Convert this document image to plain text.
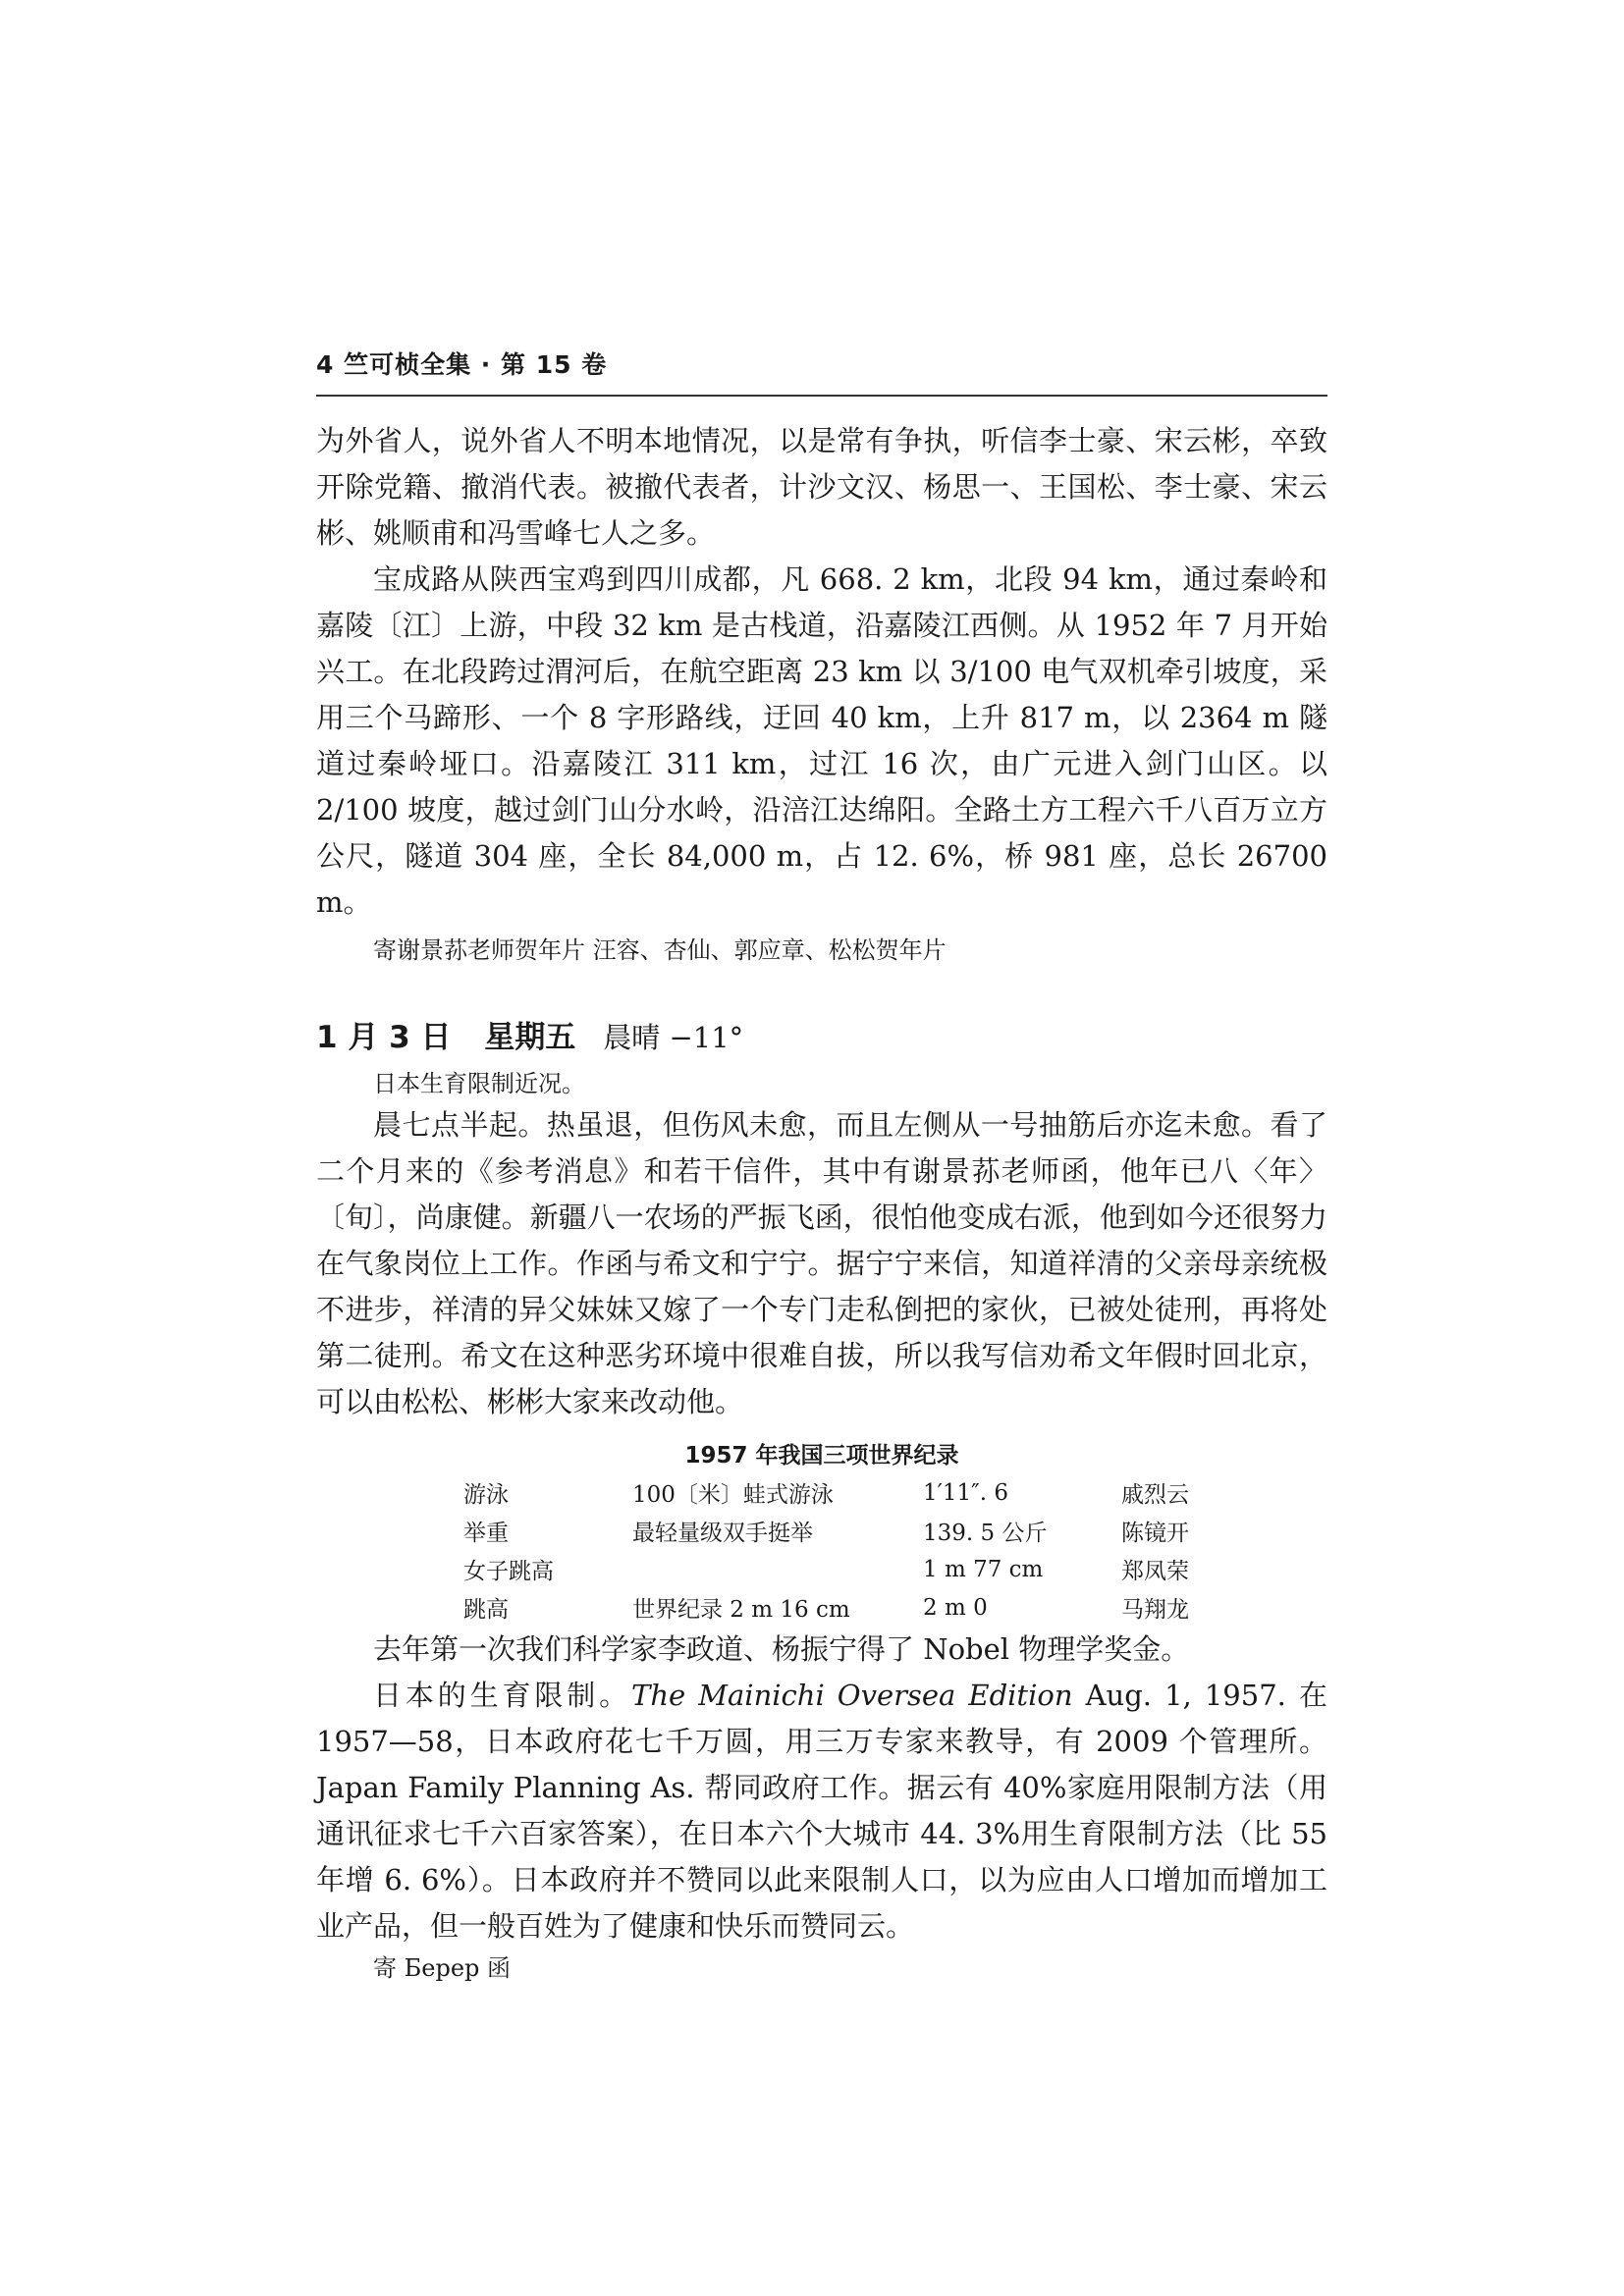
4 竺可桢全集 · 第 15 卷

为外省人，说外省人不明本地情况，以是常有争执，听信李士豪、宋云彬，卒致开除党籍、撤消代表。被撤代表者，计沙文汉、杨思一、王国松、李士豪、宋云彬、姚顺甫和冯雪峰七人之多。

宝成路从陕西宝鸡到四川成都，凡 668. 2 km，北段 94 km，通过秦岭和嘉陵〔江〕上游，中段 32 km 是古栈道，沿嘉陵江西侧。从 1952 年 7 月开始兴工。在北段跨过渭河后，在航空距离 23 km 以 3/100 电气双机牵引坡度，采用三个马蹄形、一个 8 字形路线，迂回 40 km，上升 817 m，以 2364 m 隧道过秦岭垭口。沿嘉陵江 311 km，过江 16 次，由广元进入剑门山区。以 2/100 坡度，越过剑门山分水岭，沿涪江达绵阳。全路土方工程六千八百万立方公尺，隧道 304 座，全长 84,000 m，占 12. 6%，桥 981 座，总长 26700 m。

寄谢景荪老师贺年片 汪容、杏仙、郭应章、松松贺年片

1 月 3 日 星期五 晨晴 −11°

日本生育限制近况。

晨七点半起。热虽退，但伤风未愈，而且左侧从一号抽筋后亦迄未愈。看了二个月来的《参考消息》和若干信件，其中有谢景荪老师函，他年已八〈年〉〔旬〕，尚康健。新疆八一农场的严振飞函，很怕他变成右派，他到如今还很努力在气象岗位上工作。作函与希文和宁宁。据宁宁来信，知道祥清的父亲母亲统极不进步，祥清的异父妹妹又嫁了一个专门走私倒把的家伙，已被处徒刑，再将处第二徒刑。希文在这种恶劣环境中很难自拔，所以我写信劝希文年假时回北京，可以由松松、彬彬大家来改动他。

1957 年我国三项世界纪录
游泳	100〔米〕蛙式游泳	1′11″. 6	戚烈云
举重	最轻量级双手挺举	139. 5 公斤	陈镜开
女子跳高		1 m 77 cm	郑凤荣
跳高	世界纪录 2 m 16 cm	2 m 0	马翔龙

去年第一次我们科学家李政道、杨振宁得了 Nobel 物理学奖金。

日本的生育限制。The Mainichi Oversea Edition Aug. 1, 1957. 在 1957—58，日本政府花七千万圆，用三万专家来教导，有 2009 个管理所。Japan Family Planning As. 帮同政府工作。据云有 40%家庭用限制方法（用通讯征求七千六百家答案），在日本六个大城市 44. 3%用生育限制方法（比 55 年增 6. 6%）。日本政府并不赞同以此来限制人口，以为应由人口增加而增加工业产品，但一般百姓为了健康和快乐而赞同云。

寄 Берер 函
